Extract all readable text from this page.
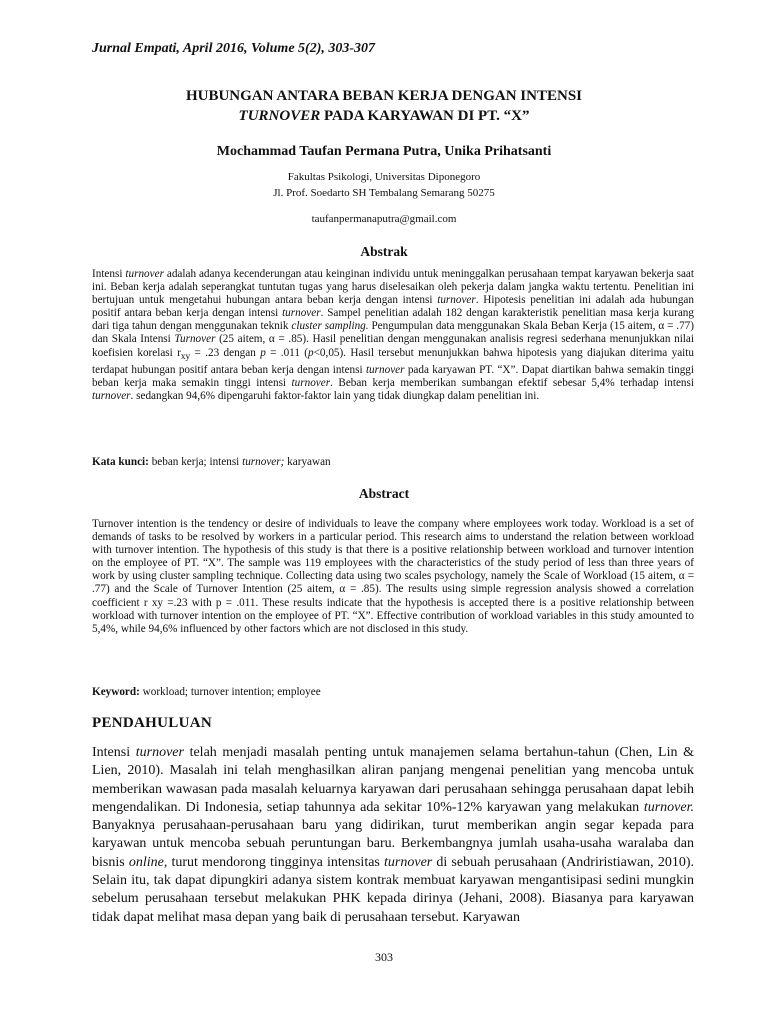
Jurnal Empati, April 2016, Volume 5(2), 303-307
HUBUNGAN ANTARA BEBAN KERJA DENGAN INTENSI
TURNOVER PADA KARYAWAN DI PT. “X”
Mochammad Taufan Permana Putra, Unika Prihatsanti
Fakultas Psikologi, Universitas Diponegoro
Jl. Prof. Soedarto SH Tembalang Semarang 50275
taufanpermanaputra@gmail.com
Abstrak
Intensi turnover adalah adanya kecenderungan atau keinginan individu untuk meninggalkan perusahaan tempat karyawan bekerja saat ini. Beban kerja adalah seperangkat tuntutan tugas yang harus diselesaikan oleh pekerja dalam jangka waktu tertentu. Penelitian ini bertujuan untuk mengetahui hubungan antara beban kerja dengan intensi turnover. Hipotesis penelitian ini adalah ada hubungan positif antara beban kerja dengan intensi turnover. Sampel penelitian adalah 182 dengan karakteristik penelitian masa kerja kurang dari tiga tahun dengan menggunakan teknik cluster sampling. Pengumpulan data menggunakan Skala Beban Kerja (15 aitem, α = .77) dan Skala Intensi Turnover (25 aitem, α = .85). Hasil penelitian dengan menggunakan analisis regresi sederhana menunjukkan nilai koefisien korelasi $r_{xy} = .23$ dengan p = .011 (p<0,05). Hasil tersebut menunjukkan bahwa hipotesis yang diajukan diterima yaitu terdapat hubungan positif antara beban kerja dengan intensi turnover pada karyawan PT. “X”. Dapat diartikan bahwa semakin tinggi beban kerja maka semakin tinggi intensi turnover. Beban kerja memberikan sumbangan efektif sebesar 5,4% terhadap intensi turnover. sedangkan 94,6% dipengaruhi faktor-faktor lain yang tidak diungkap dalam penelitian ini.
Kata kunci: beban kerja; intensi turnover; karyawan
Abstract
Turnover intention is the tendency or desire of individuals to leave the company where employees work today. Workload is a set of demands of tasks to be resolved by workers in a particular period. This research aims to understand the relation between workload with turnover intention. The hypothesis of this study is that there is a positive relationship between workload and turnover intention on the employee of PT. “X”. The sample was 119 employees with the characteristics of the study period of less than three years of work by using cluster sampling technique. Collecting data using two scales psychology, namely the Scale of Workload (15 aitem, α = .77) and the Scale of Turnover Intention (25 aitem, α = .85). The results using simple regression analysis showed a correlation coefficient r xy =.23 with p = .011. These results indicate that the hypothesis is accepted there is a positive relationship between workload with turnover intention on the employee of PT. “X”. Effective contribution of workload variables in this study amounted to 5,4%, while 94,6% influenced by other factors which are not disclosed in this study.
Keyword: workload; turnover intention; employee
PENDAHULUAN
Intensi turnover telah menjadi masalah penting untuk manajemen selama bertahun-tahun (Chen, Lin & Lien, 2010). Masalah ini telah menghasilkan aliran panjang mengenai penelitian yang mencoba untuk memberikan wawasan pada masalah keluarnya karyawan dari perusahaan sehingga perusahaan dapat lebih mengendalikan. Di Indonesia, setiap tahunnya ada sekitar 10%-12% karyawan yang melakukan turnover. Banyaknya perusahaan-perusahaan baru yang didirikan, turut memberikan angin segar kepada para karyawan untuk mencoba sebuah peruntungan baru. Berkembangnya jumlah usaha-usaha waralaba dan bisnis online, turut mendorong tingginya intensitas turnover di sebuah perusahaan (Andriristiawan, 2010). Selain itu, tak dapat dipungkiri adanya sistem kontrak membuat karyawan mengantisipasi sedini mungkin sebelum perusahaan tersebut melakukan PHK kepada dirinya (Jehani, 2008). Biasanya para karyawan tidak dapat melihat masa depan yang baik di perusahaan tersebut. Karyawan
303
